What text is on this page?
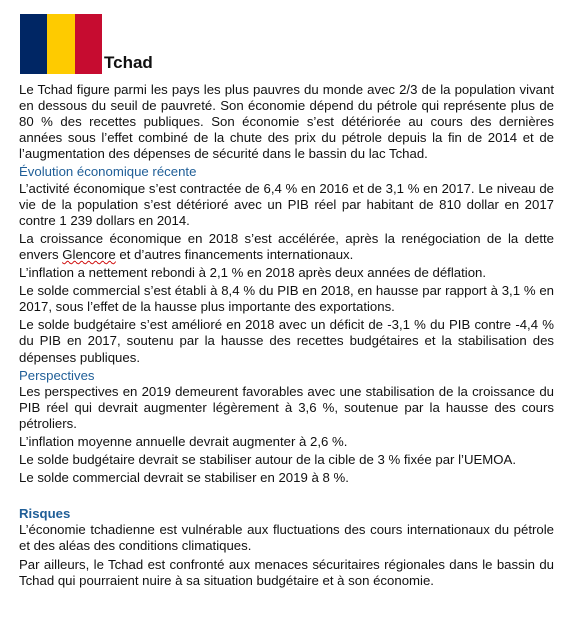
Tchad

Le Tchad figure parmi les pays les plus pauvres du monde avec 2/3 de la population vivant en dessous du seuil de pauvreté. Son économie dépend du pétrole qui représente plus de 80 % des recettes publiques. Son économie s’est détériorée au cours des dernières années sous l’effet combiné de la chute des prix du pétrole depuis la fin de 2014 et de l’augmentation des dépenses de sécurité dans le bassin du lac Tchad.

Évolution économique récente

L’activité économique s’est contractée de 6,4 % en 2016 et de 3,1 % en 2017. Le niveau de vie de la population s’est détérioré avec un PIB réel par habitant de 810 dollar en 2017 contre 1 239 dollars en 2014.

La croissance économique en 2018 s’est accélérée, après la renégociation de la dette envers Glencore et d’autres financements internationaux.

L’inflation a nettement rebondi à 2,1 % en 2018 après deux années de déflation.

Le solde commercial s’est établi à 8,4 % du PIB en 2018, en hausse par rapport à 3,1 % en 2017, sous l’effet de la hausse plus importante des exportations.

Le solde budgétaire s’est amélioré en 2018 avec un déficit de -3,1 % du PIB contre -4,4 % du PIB en 2017, soutenu par la hausse des recettes budgétaires et la stabilisation des dépenses publiques.

Perspectives

Les perspectives en 2019 demeurent favorables avec une stabilisation de la croissance du PIB réel qui devrait augmenter légèrement à 3,6 %, soutenue par la hausse des cours pétroliers.

L’inflation moyenne annuelle devrait augmenter à 2,6 %.

Le solde budgétaire devrait se stabiliser autour de la cible de 3 % fixée par l’UEMOA.

Le solde commercial devrait se stabiliser en 2019 à 8 %.

Risques

L’économie tchadienne est vulnérable aux fluctuations des cours internationaux du pétrole et des aléas des conditions climatiques.

Par ailleurs, le Tchad est confronté aux menaces sécuritaires régionales dans le bassin du Tchad qui pourraient nuire à sa situation budgétaire et à son économie.
